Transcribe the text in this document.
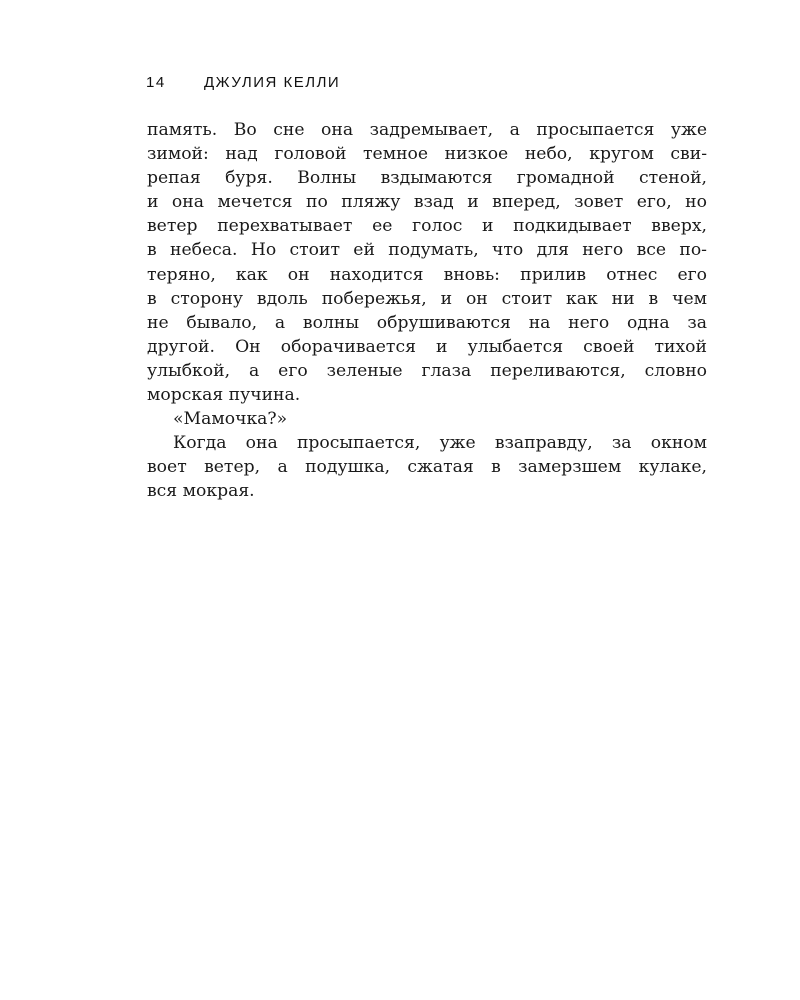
14	ДЖУЛИЯ КЕЛЛИ
память. Во сне она задремывает, а просыпается уже
зимой: над головой темное низкое небо, кругом сви-
репая буря. Волны вздымаются громадной стеной,
и она мечется по пляжу взад и вперед, зовет его, но
ветер перехватывает ее голос и подкидывает вверх,
в небеса. Но стоит ей подумать, что для него все по-
теряно, как он находится вновь: прилив отнес его
в сторону вдоль побережья, и он стоит как ни в чем
не бывало, а волны обрушиваются на него одна за
другой. Он оборачивается и улыбается своей тихой
улыбкой, а его зеленые глаза переливаются, словно
морская пучина.
«Мамочка?»
Когда она просыпается, уже взаправду, за окном
воет ветер, а подушка, сжатая в замерзшем кулаке,
вся мокрая.
